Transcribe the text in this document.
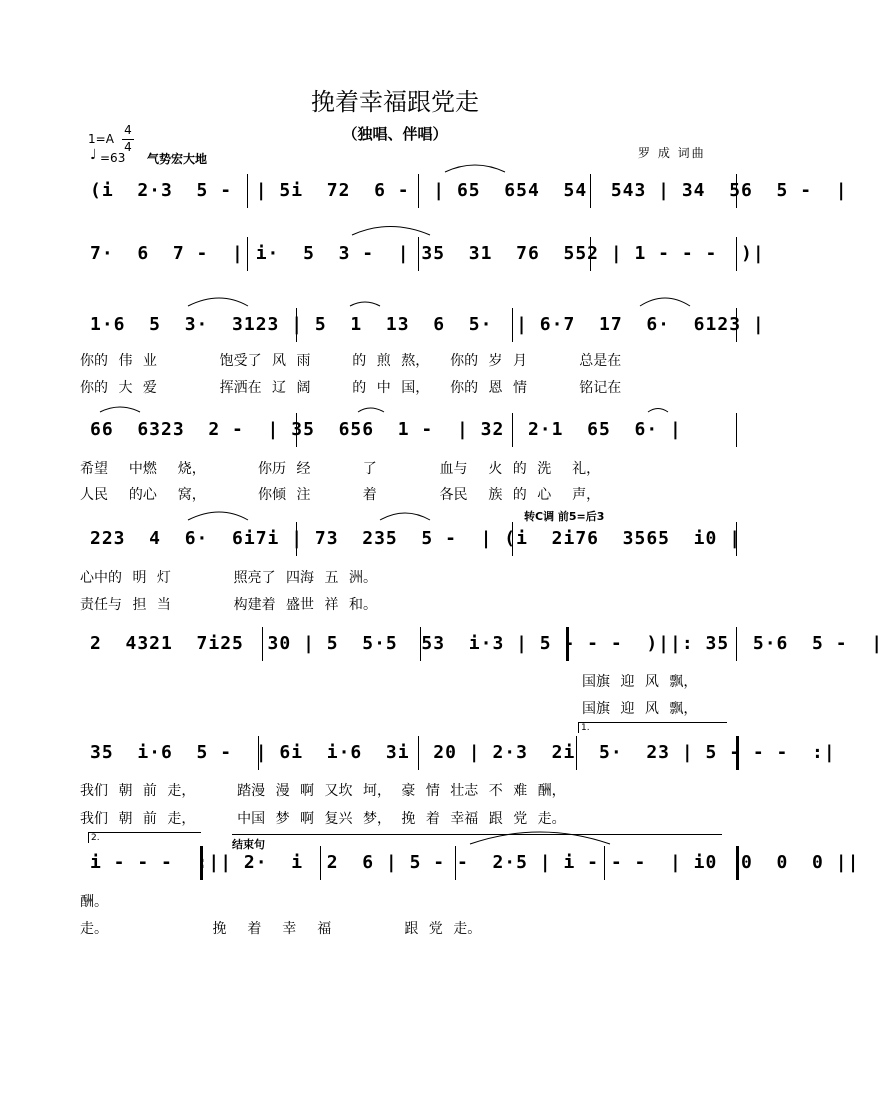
挽着幸福跟党走
（独唱、伴唱）
1=A
4
4
♩ =63 气势宏大地	罗 成 词曲
(i  2·3  5 -  | 5i  72  6 -  | 65  654  54  543 | 34  56  5 -  |
7·  6  7 -  | i·  5  3 -  | 35  31  76  552 | 1 - - -  )|
1·6  5  3·  3123 | 5  1  13  6  5·  | 6·7  17  6·  6123 |
你的 伟 业      饱受了 风 雨    的 煎 熬，  你的 岁 月     总是在
你的 大 爱      挥洒在 辽 阔    的 中 国，  你的 恩 情     铭记在
66  6323  2 -  | 35  656  1 -  | 32  2·1  65  6· |
希望  中燃  烧，     你历 经     了      血与  火 的 洗  礼，
人民  的心  窝，     你倾 注     着      各民  族 的 心  声，
转C调 前5=后3
223  4  6·  6i7i | 73  235  5 -  | (i  2i76  3565  i0 |
心中的 明 灯      照亮了 四海 五 洲。
责任与 担 当      构建着 盛世 祥 和。
2  4321  7i25  30 | 5  5·5  53  i·3 | 5 - - -  )||: 35  5·6  5 -  |
国旗 迎 风 飘，
国旗 迎 风 飘，
1.
35  i·6  5 -  | 6i  i·6  3i  20 | 2·3  2i  5·  23 | 5 - - -  :|
我们 朝 前 走，    踏漫 漫 啊 又坎 坷， 豪 情 壮志 不 难 酬，
我们 朝 前 走，    中国 梦 啊 复兴 梦， 挽 着 幸福 跟 党 走。
2.	结束句
i - - -  :|| 2·  i  2  6 | 5 - -  2·5 | i - - -  | i0  0  0  0 ||
酬。
走。          挽  着  幸  福       跟 党 走。
